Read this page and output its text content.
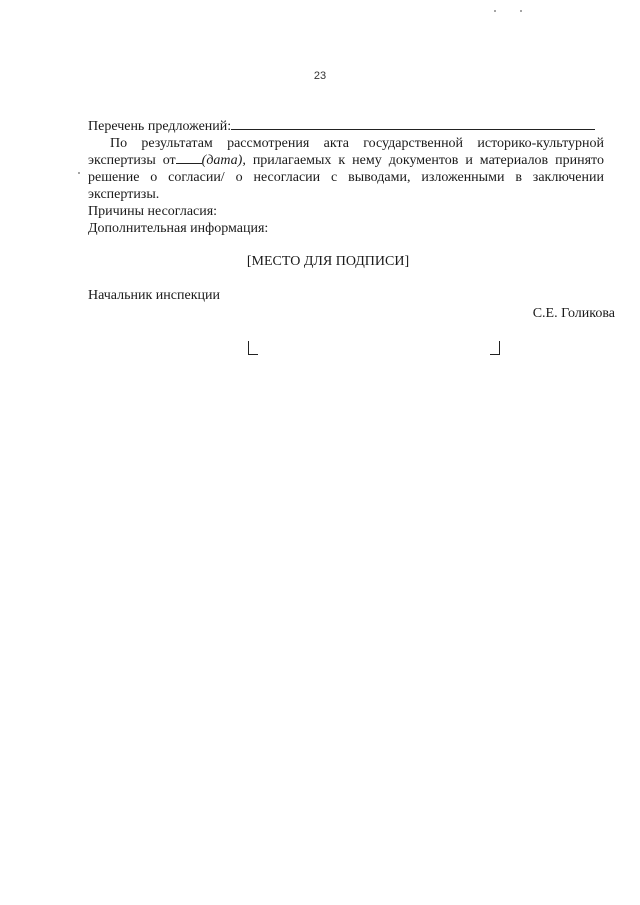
23
Перечень предложений:
По результатам рассмотрения акта государственной историко-культурной
экспертизы от (дата), прилагаемых к нему документов и материалов принято
решение о согласии/ о несогласии с выводами, изложенными в заключении
экспертизы.
Причины несогласия:
Дополнительная информация:
[МЕСТО ДЛЯ ПОДПИСИ]
Начальник инспекции
С.Е. Голикова
